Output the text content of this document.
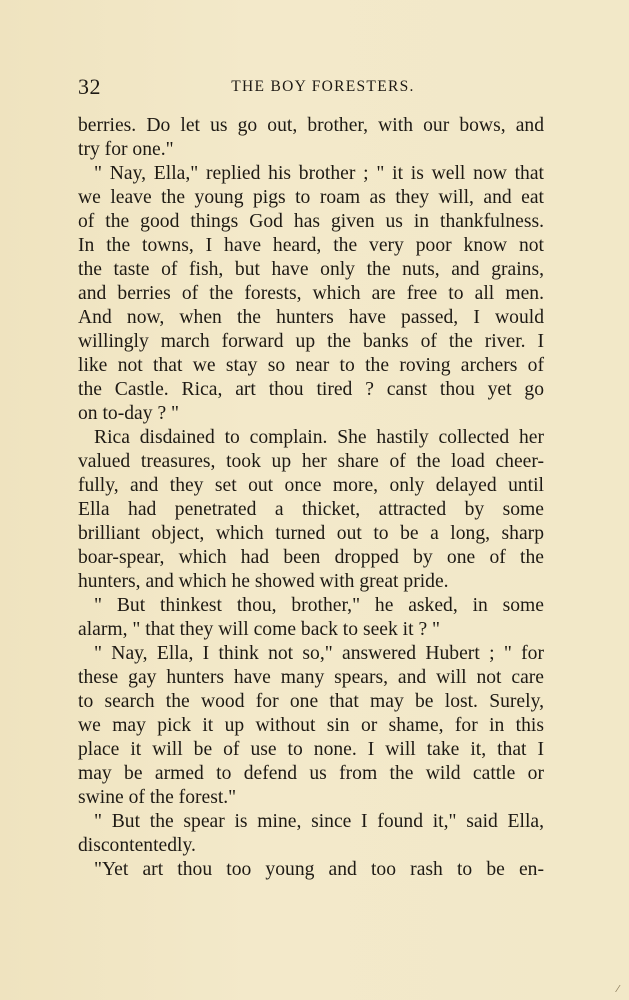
32	THE BOY FORESTERS.
berries. Do let us go out, brother, with our bows, and
try for one."
" Nay, Ella," replied his brother ; " it is well now that
we leave the young pigs to roam as they will, and eat
of the good things God has given us in thankfulness.
In the towns, I have heard, the very poor know not
the taste of fish, but have only the nuts, and grains,
and berries of the forests, which are free to all men.
And now, when the hunters have passed, I would
willingly march forward up the banks of the river. I
like not that we stay so near to the roving archers of
the Castle. Rica, art thou tired ? canst thou yet go
on to-day ? "
Rica disdained to complain. She hastily collected her
valued treasures, took up her share of the load cheer-
fully, and they set out once more, only delayed until
Ella had penetrated a thicket, attracted by some
brilliant object, which turned out to be a long, sharp
boar-spear, which had been dropped by one of the
hunters, and which he showed with great pride.
" But thinkest thou, brother," he asked, in some
alarm, " that they will come back to seek it ? "
" Nay, Ella, I think not so," answered Hubert ; " for
these gay hunters have many spears, and will not care
to search the wood for one that may be lost. Surely,
we may pick it up without sin or shame, for in this
place it will be of use to none. I will take it, that I
may be armed to defend us from the wild cattle or
swine of the forest."
" But the spear is mine, since I found it," said Ella,
discontentedly.
"Yet art thou too young and too rash to be en-
⁄
